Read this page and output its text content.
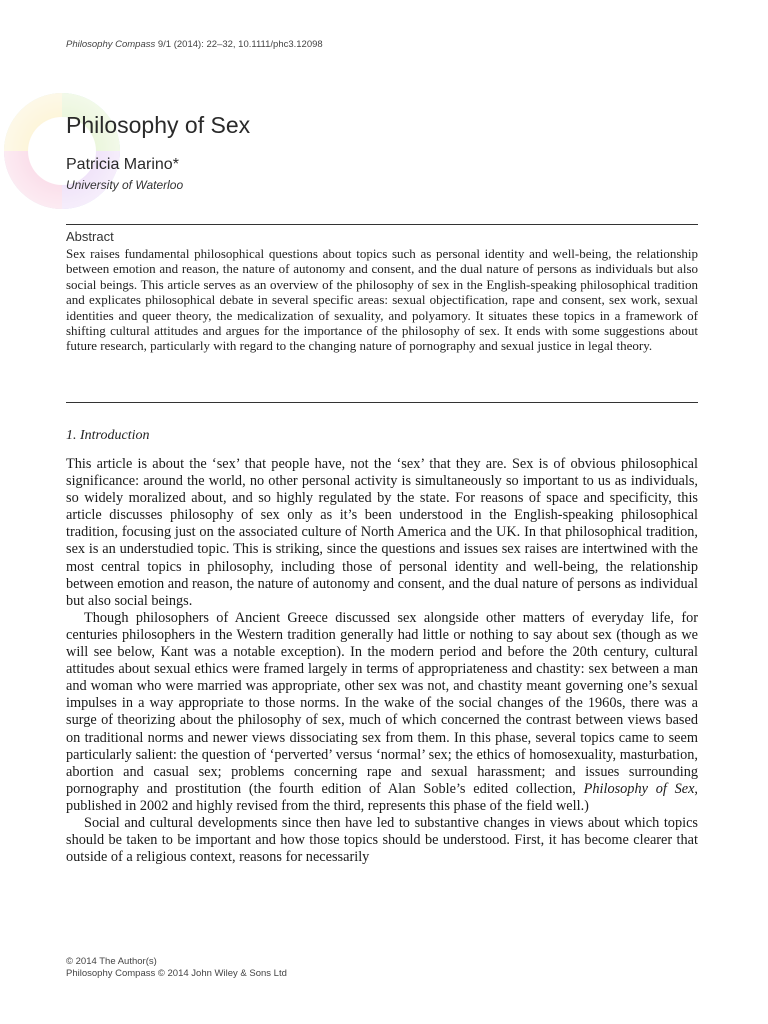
Philosophy Compass 9/1 (2014): 22–32, 10.1111/phc3.12098
Philosophy of Sex
Patricia Marino*
University of Waterloo
Abstract

Sex raises fundamental philosophical questions about topics such as personal identity and well-being, the relationship between emotion and reason, the nature of autonomy and consent, and the dual nature of persons as individuals but also social beings. This article serves as an overview of the philosophy of sex in the English-speaking philosophical tradition and explicates philosophical debate in several specific areas: sexual objectification, rape and consent, sex work, sexual identities and queer theory, the medicalization of sexuality, and polyamory. It situates these topics in a framework of shifting cultural attitudes and argues for the importance of the philosophy of sex. It ends with some suggestions about future research, particularly with regard to the changing nature of pornography and sexual justice in legal theory.

1. Introduction

This article is about the ‘sex’ that people have, not the ‘sex’ that they are. Sex is of obvious philosophical significance: around the world, no other personal activity is simultaneously so important to us as individuals, so widely moralized about, and so highly regulated by the state. For reasons of space and specificity, this article discusses philosophy of sex only as it’s been understood in the English-speaking philosophical tradition, focusing just on the associated culture of North America and the UK. In that philosophical tradition, sex is an understudied topic. This is striking, since the questions and issues sex raises are intertwined with the most central topics in philosophy, including those of personal identity and well-being, the relationship between emotion and reason, the nature of autonomy and consent, and the dual nature of persons as individual but also social beings.

Though philosophers of Ancient Greece discussed sex alongside other matters of everyday life, for centuries philosophers in the Western tradition generally had little or nothing to say about sex (though as we will see below, Kant was a notable exception). In the modern period and before the 20th century, cultural attitudes about sexual ethics were framed largely in terms of appropriateness and chastity: sex between a man and woman who were married was appropriate, other sex was not, and chastity meant governing one’s sexual impulses in a way appropriate to those norms. In the wake of the social changes of the 1960s, there was a surge of theorizing about the philosophy of sex, much of which concerned the contrast between views based on traditional norms and newer views dissociating sex from them. In this phase, several topics came to seem particularly salient: the question of ‘perverted’ versus ‘normal’ sex; the ethics of homosexuality, masturbation, abortion and casual sex; problems concerning rape and sexual harassment; and issues surrounding pornography and prostitution (the fourth edition of Alan Soble’s edited collection, Philosophy of Sex, published in 2002 and highly revised from the third, represents this phase of the field well.)

Social and cultural developments since then have led to substantive changes in views about which topics should be taken to be important and how those topics should be understood. First, it has become clearer that outside of a religious context, reasons for necessarily

© 2014 The Author(s)
Philosophy Compass © 2014 John Wiley & Sons Ltd
